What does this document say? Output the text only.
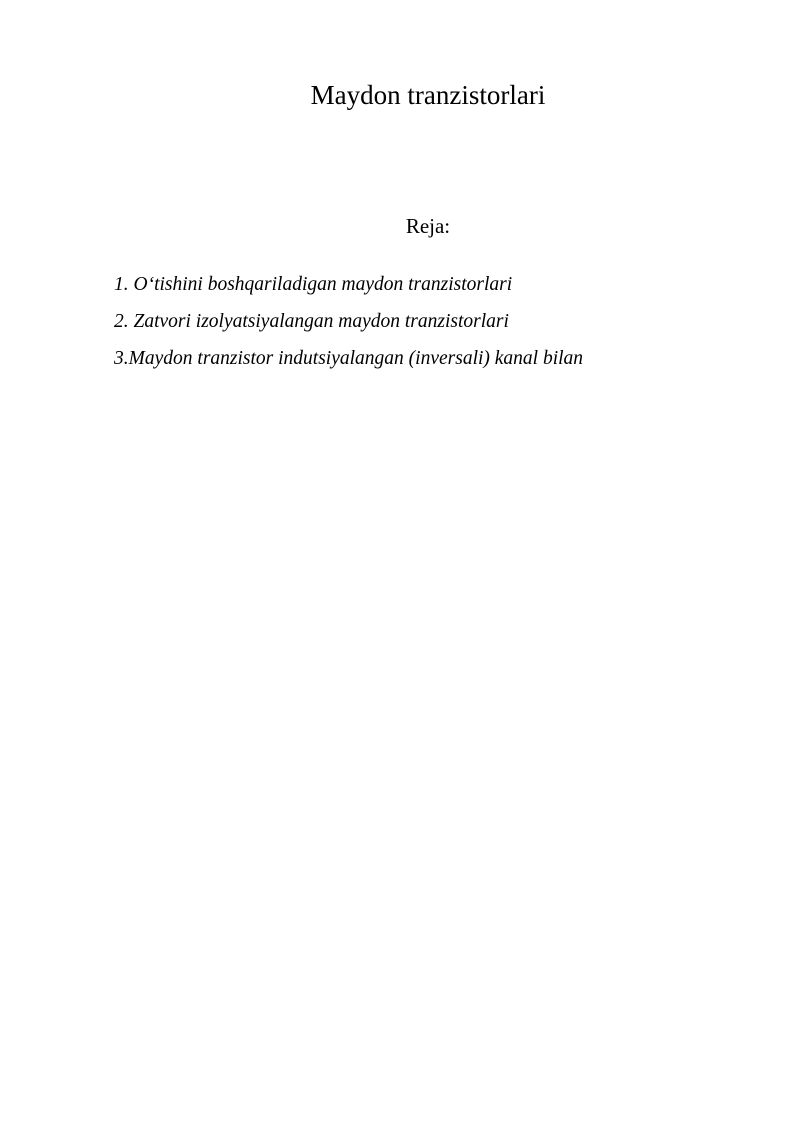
Maydon tranzistorlari
Reja:
1. O‘tishini boshqariladigan maydon tranzistorlari
2. Zatvori izolyatsiyalangan maydon tranzistorlari
3.Maydon tranzistor indutsiyalangan (inversali) kanal bilan
